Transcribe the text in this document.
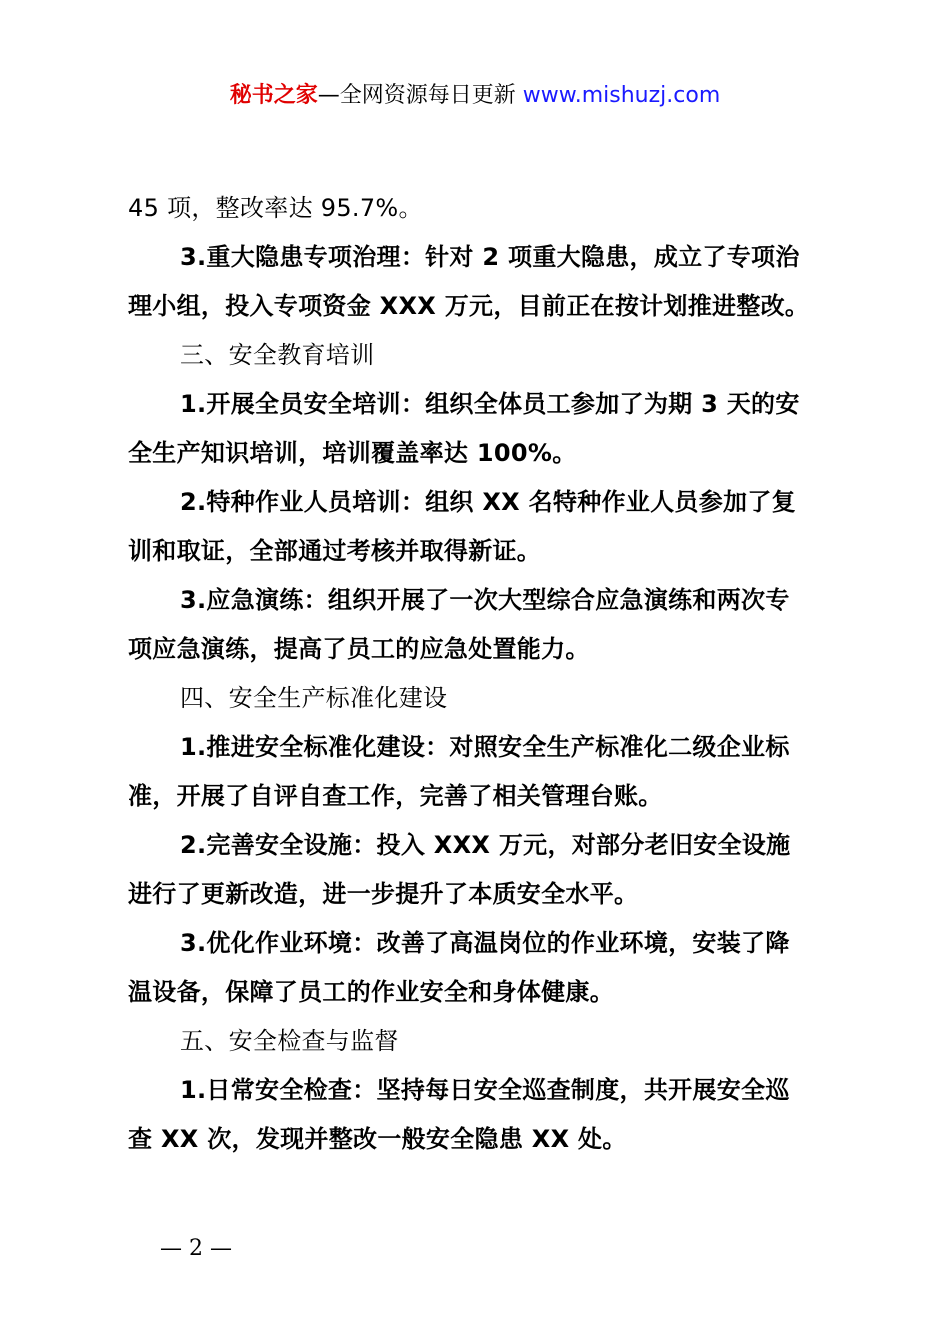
秘书之家—全网资源每日更新 www.mishuzj.com
45 项，整改率达 95.7%。
3.重大隐患专项治理：针对 2 项重大隐患，成立了专项治
理小组，投入专项资金 XXX 万元，目前正在按计划推进整改。
三、安全教育培训
1.开展全员安全培训：组织全体员工参加了为期 3 天的安
全生产知识培训，培训覆盖率达 100%。
2.特种作业人员培训：组织 XX 名特种作业人员参加了复
训和取证，全部通过考核并取得新证。
3.应急演练：组织开展了一次大型综合应急演练和两次专
项应急演练，提高了员工的应急处置能力。
四、安全生产标准化建设
1.推进安全标准化建设：对照安全生产标准化二级企业标
准，开展了自评自查工作，完善了相关管理台账。
2.完善安全设施：投入 XXX 万元，对部分老旧安全设施
进行了更新改造，进一步提升了本质安全水平。
3.优化作业环境：改善了高温岗位的作业环境，安装了降
温设备，保障了员工的作业安全和身体健康。
五、安全检查与监督
1.日常安全检查：坚持每日安全巡查制度，共开展安全巡
查 XX 次，发现并整改一般安全隐患 XX 处。
— 2 —
